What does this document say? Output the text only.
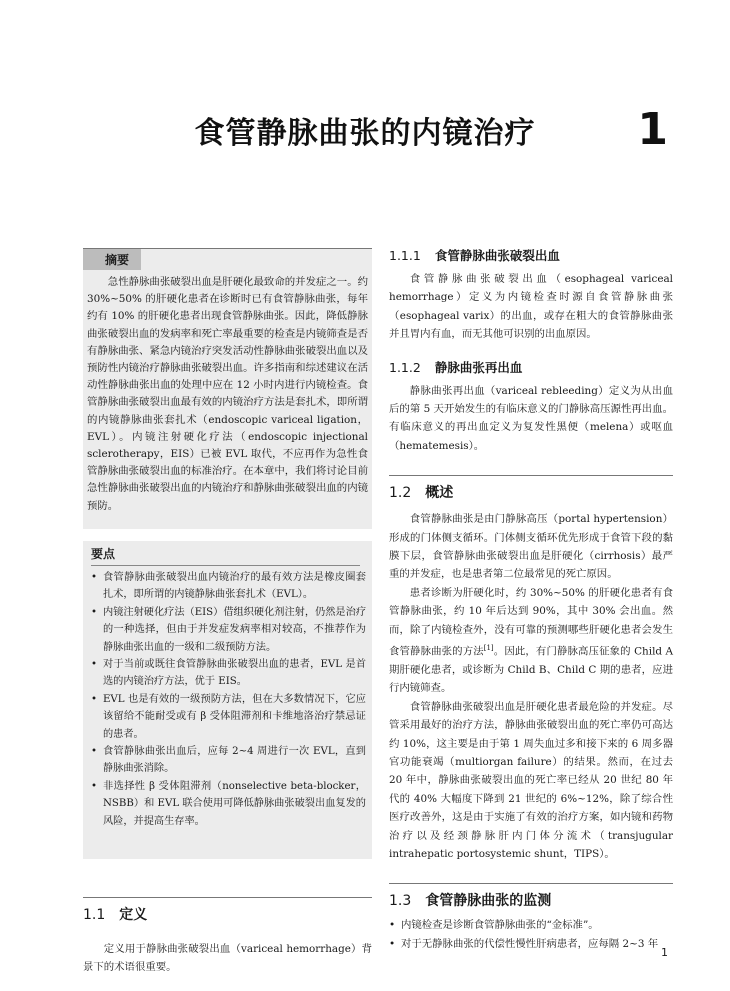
食管静脉曲张的内镜治疗	1
摘要

急性静脉曲张破裂出血是肝硬化最致命的并发症之一。约 30%~50% 的肝硬化患者在诊断时已有食管静脉曲张，每年约有 10% 的肝硬化患者出现食管静脉曲张。因此，降低静脉曲张破裂出血的发病率和死亡率最重要的检查是内镜筛查是否有静脉曲张、紧急内镜治疗突发活动性静脉曲张破裂出血以及预防性内镜治疗静脉曲张破裂出血。许多指南和综述建议在活动性静脉曲张出血的处理中应在 12 小时内进行内镜检查。食管静脉曲张破裂出血最有效的内镜治疗方法是套扎术，即所谓的内镜静脉曲张套扎术（endoscopic variceal ligation，EVL）。内镜注射硬化疗法（endoscopic injectional sclerotherapy，EIS）已被 EVL 取代，不应再作为急性食管静脉曲张破裂出血的标准治疗。在本章中，我们将讨论目前急性静脉曲张破裂出血的内镜治疗和静脉曲张破裂出血的内镜预防。

要点
• 食管静脉曲张破裂出血内镜治疗的最有效方法是橡皮圈套扎术，即所谓的内镜静脉曲张套扎术（EVL）。
• 内镜注射硬化疗法（EIS）借组织硬化剂注射，仍然是治疗的一种选择，但由于并发症发病率相对较高，不推荐作为静脉曲张出血的一级和二级预防方法。
• 对于当前或既往食管静脉曲张破裂出血的患者，EVL 是首选的内镜治疗方法，优于 EIS。
• EVL 也是有效的一级预防方法，但在大多数情况下，它应该留给不能耐受或有 β 受体阻滞剂和卡维地洛治疗禁忌证的患者。
• 食管静脉曲张出血后，应每 2~4 周进行一次 EVL，直到静脉曲张消除。
• 非选择性 β 受体阻滞剂（nonselective beta-blocker，NSBB）和 EVL 联合使用可降低静脉曲张破裂出血复发的风险，并提高生存率。
1.1 定义

定义用于静脉曲张破裂出血（variceal hemorrhage）背景下的术语很重要。

1.1.1 食管静脉曲张破裂出血

食管静脉曲张破裂出血（esophageal variceal hemorrhage）定义为内镜检查时源自食管静脉曲张（esophageal varix）的出血，或存在粗大的食管静脉曲张并且胃内有血，而无其他可识别的出血原因。

1.1.2 静脉曲张再出血

静脉曲张再出血（variceal rebleeding）定义为从出血后的第 5 天开始发生的有临床意义的门静脉高压源性再出血。有临床意义的再出血定义为复发性黑便（melena）或呕血（hematemesis）。

1.2 概述

食管静脉曲张是由门静脉高压（portal hypertension）形成的门体侧支循环。门体侧支循环优先形成于食管下段的黏膜下层，食管静脉曲张破裂出血是肝硬化（cirrhosis）最严重的并发症，也是患者第二位最常见的死亡原因。

患者诊断为肝硬化时，约 30%~50% 的肝硬化患者有食管静脉曲张，约 10 年后达到 90%，其中 30% 会出血。然而，除了内镜检查外，没有可靠的预测哪些肝硬化患者会发生食管静脉曲张的方法[1]。因此，有门静脉高压征象的 Child A 期肝硬化患者，或诊断为 Child B、Child C 期的患者，应进行内镜筛查。

食管静脉曲张破裂出血是肝硬化患者最危险的并发症。尽管采用最好的治疗方法，静脉曲张破裂出血的死亡率仍可高达约 10%，这主要是由于第 1 周失血过多和接下来的 6 周多器官功能衰竭（multiorgan failure）的结果。然而，在过去 20 年中，静脉曲张破裂出血的死亡率已经从 20 世纪 80 年代的 40% 大幅度下降到 21 世纪的 6%~12%，除了综合性医疗改善外，这是由于实施了有效的治疗方案，如内镜和药物治疗以及经颈静脉肝内门体分流术（transjugular intrahepatic portosystemic shunt，TIPS）。

1.3 食管静脉曲张的监测
• 内镜检查是诊断食管静脉曲张的“金标准”。
• 对于无静脉曲张的代偿性慢性肝病患者，应每隔 2~3 年
1
